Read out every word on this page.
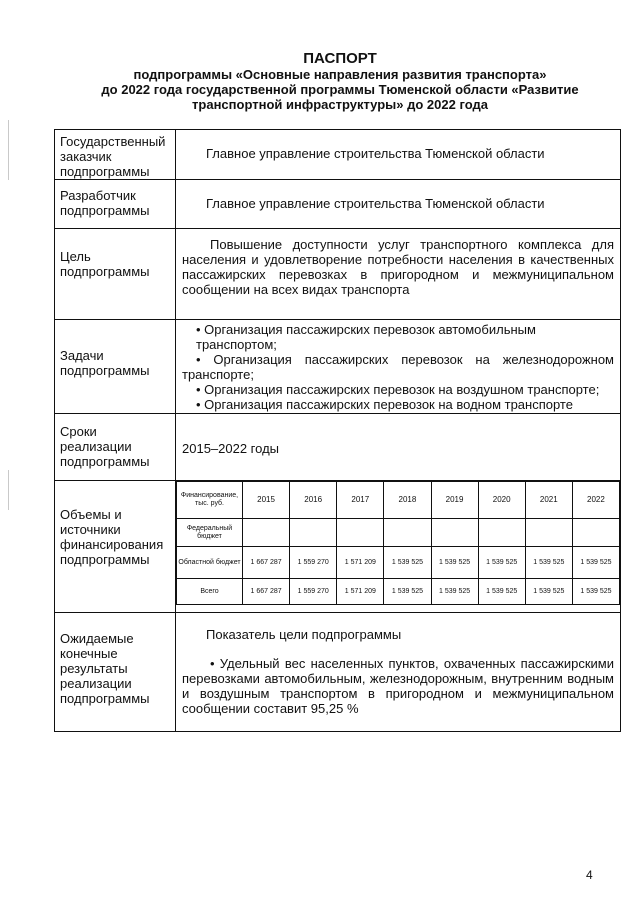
ПАСПОРТ
подпрограммы «Основные направления развития транспорта»
до 2022 года государственной программы Тюменской области «Развитие
транспортной инфраструктуры» до 2022 года
Государственный заказчик подпрограммы	
Главное управление строительства Тюменской области

Разработчик подпрограммы	Главное управление строительства Тюменской области

Цель подпрограммы	
Повышение доступности услуг транспортного комплекса для населения и удовлетворение потребности населения в качественных пассажирских перевозках в пригородном и межмуниципальном сообщении на всех видах транспорта

Задачи подпрограммы	
• Организация пассажирских перевозок автомобильным транспортом;
• Организация пассажирских перевозок на железнодорожном транспорте;
• Организация пассажирских перевозок на воздушном транспорте;
• Организация пассажирских перевозок на водном транспорте

Сроки реализации подпрограммы	
2015–2022 годы

Объемы и источники финансирования подпрограммы	
Финансирование, тыс. руб.	2015	2016	2017	2018	2019	2020	2021	2022
Федеральный бюджет								
Областной бюджет	1 667 287	1 559 270	1 571 209	1 539 525	1 539 525	1 539 525	1 539 525	1 539 525
Всего	1 667 287	1 559 270	1 571 209	1 539 525	1 539 525	1 539 525	1 539 525	1 539 525

Ожидаемые конечные результаты реализации подпрограммы	
Показатель цели подпрограммы
• Удельный вес населенных пунктов, охваченных пассажирскими перевозками автомобильным, железнодорожным, внутренним водным и воздушным транспортом в пригородном и межмуниципальном сообщении составит 95,25 %
4
